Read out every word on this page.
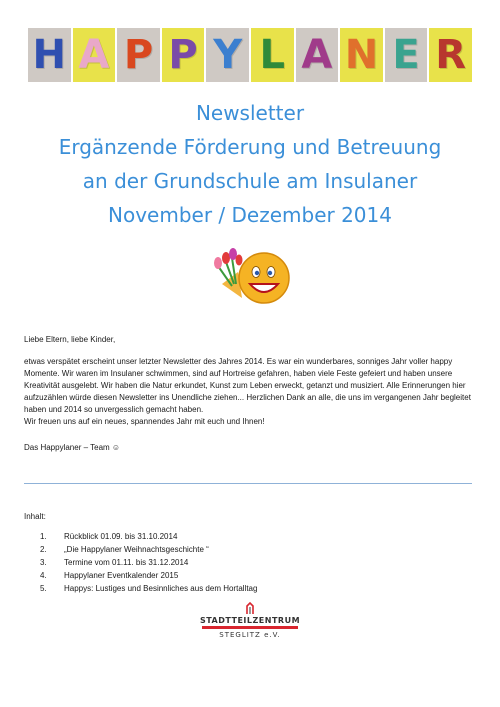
H A P P Y L A N E R
Newsletter
Ergänzende Förderung und Betreuung
an der Grundschule am Insulaner
November / Dezember 2014

Liebe Eltern, liebe Kinder,

etwas verspätet erscheint unser letzter Newsletter des Jahres 2014. Es war ein wunderbares, sonniges Jahr voller happy Momente. Wir waren im Insulaner schwimmen, sind auf Hortreise gefahren, haben viele Feste gefeiert und haben unsere Kreativität ausgelebt. Wir haben die Natur erkundet, Kunst zum Leben erweckt, getanzt und musiziert. Alle Erinnerungen hier aufzuzählen würde diesen Newsletter ins Unendliche ziehen... Herzlichen Dank an alle, die uns im vergangenen Jahr begleitet haben und 2014 so unvergesslich gemacht haben.

Wir freuen uns auf ein neues, spannendes Jahr mit euch und Ihnen!

Das Happylaner – Team ☺

Inhalt:
1.	Rückblick 01.09. bis 31.10.2014
2.	„Die Happylaner Weihnachtsgeschichte “
3.	Termine vom 01.11. bis 31.12.2014
4.	Happylaner Eventkalender 2015
5.	Happys: Lustiges und Besinnliches aus dem Hortalltag
STADTTEILZENTRUM
STEGLITZ e.V.
